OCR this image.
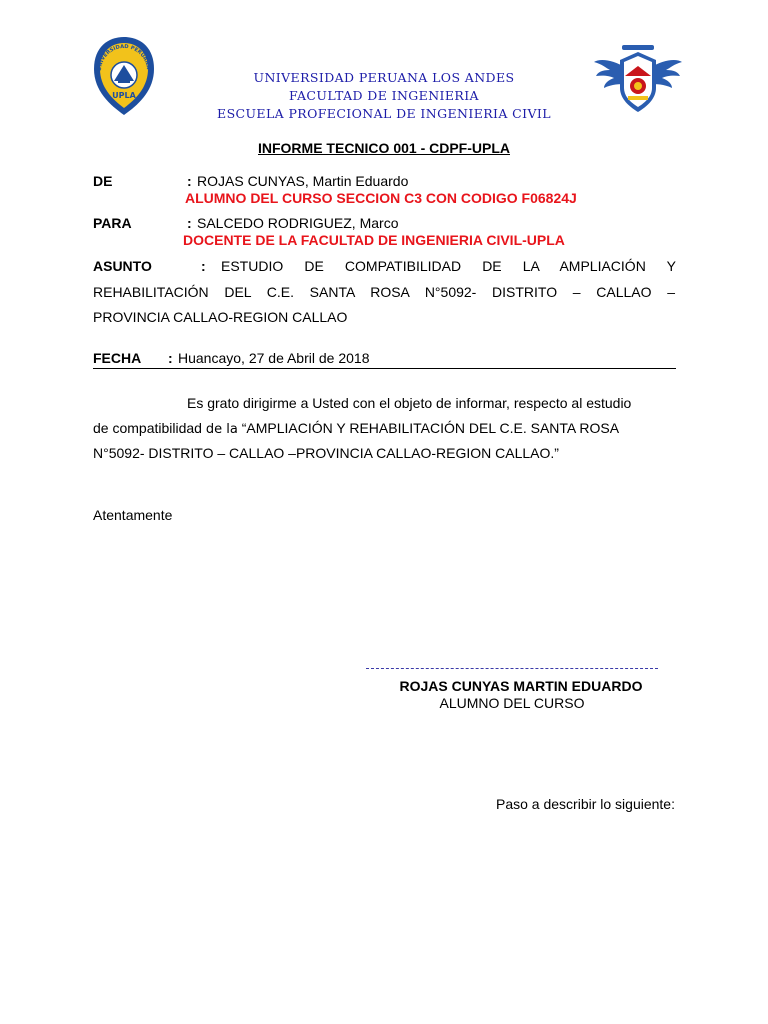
UNIVERSIDAD PERUANA
UPLA
UNIVERSIDAD PERUANA LOS ANDES
FACULTAD DE INGENIERIA
ESCUELA PROFECIONAL DE INGENIERIA CIVIL
INFORME TECNICO 001 - CDPF-UPLA
DE	: ROJAS CUNYAS, Martin Eduardo
ALUMNO DEL CURSO SECCION C3 CON CODIGO F06824J
PARA	: SALCEDO RODRIGUEZ, Marco
DOCENTE DE LA FACULTAD DE INGENIERIA CIVIL-UPLA
ASUNTO	: ESTUDIO DE COMPATIBILIDAD DE LA AMPLIACIÓN Y
REHABILITACIÓN DEL C.E. SANTA ROSA N°5092- DISTRITO – CALLAO –
PROVINCIA CALLAO-REGION CALLAO
FECHA : Huancayo, 27 de Abril de 2018
Es grato dirigirme a Usted con el objeto de informar, respecto al estudio
de compatibilidad de la “AMPLIACIÓN Y REHABILITACIÓN DEL C.E. SANTA ROSA
N°5092- DISTRITO – CALLAO –PROVINCIA CALLAO-REGION CALLAO.”
Atentamente
ROJAS CUNYAS MARTIN EDUARDO
ALUMNO DEL CURSO
Paso a describir lo siguiente:
